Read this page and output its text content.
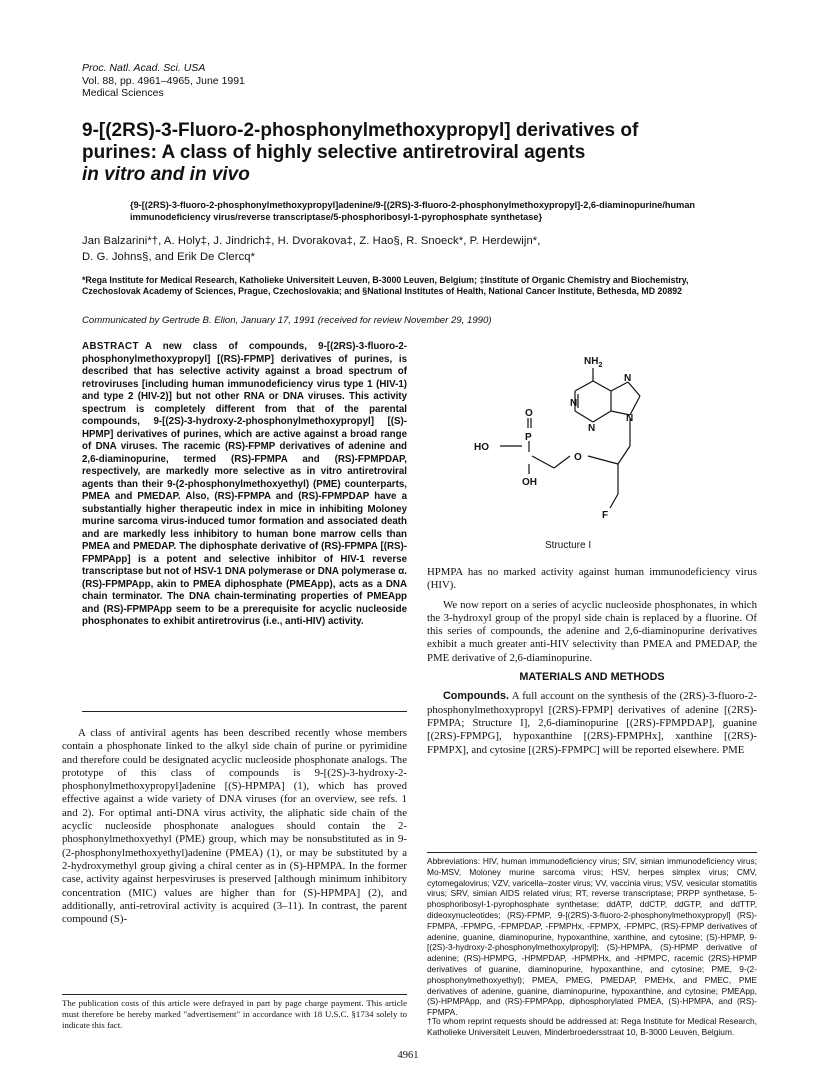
Proc. Natl. Acad. Sci. USA
Vol. 88, pp. 4961–4965, June 1991
Medical Sciences
9-[(2RS)-3-Fluoro-2-phosphonylmethoxypropyl] derivatives of
purines: A class of highly selective antiretroviral agents
in vitro and in vivo
{9-[(2RS)-3-fluoro-2-phosphonylmethoxypropyl]adenine/9-[(2RS)-3-fluoro-2-phosphonylmethoxypropyl]-2,6-diaminopurine/human immunodeficiency virus/reverse transcriptase/5-phosphoribosyl-1-pyrophosphate synthetase}
Jan Balzarini*†, A. Holy‡, J. Jindrich‡, H. Dvorakova‡, Z. Hao§, R. Snoeck*, P. Herdewijn*,
D. G. Johns§, and Erik De Clercq*
*Rega Institute for Medical Research, Katholieke Universiteit Leuven, B-3000 Leuven, Belgium; ‡Institute of Organic Chemistry and Biochemistry, Czechoslovak Academy of Sciences, Prague, Czechoslovakia; and §National Institutes of Health, National Cancer Institute, Bethesda, MD 20892
Communicated by Gertrude B. Elion, January 17, 1991 (received for review November 29, 1990)
ABSTRACT A new class of compounds, 9-[(2RS)-3-fluoro-2-phosphonylmethoxypropyl] [(RS)-FPMP] derivatives of purines, is described that has selective activity against a broad spectrum of retroviruses [including human immunodeficiency virus type 1 (HIV-1) and type 2 (HIV-2)] but not other RNA or DNA viruses. This activity spectrum is completely different from that of the parental compounds, 9-[(2S)-3-hydroxy-2-phosphonylmethoxypropyl] [(S)-HPMP] derivatives of purines, which are active against a broad range of DNA viruses. The racemic (RS)-FPMP derivatives of adenine and 2,6-diaminopurine, termed (RS)-FPMPA and (RS)-FPMPDAP, respectively, are markedly more selective as in vitro antiretroviral agents than their 9-(2-phosphonylmethoxyethyl) (PME) counterparts, PMEA and PMEDAP. Also, (RS)-FPMPA and (RS)-FPMPDAP have a substantially higher therapeutic index in mice in inhibiting Moloney murine sarcoma virus-induced tumor formation and associated death and are markedly less inhibitory to human bone marrow cells than PMEA and PMEDAP. The diphosphate derivative of (RS)-FPMPA [(RS)-FPMPApp] is a potent and selective inhibitor of HIV-1 reverse transcriptase but not of HSV-1 DNA polymerase or DNA polymerase α. (RS)-FPMPApp, akin to PMEA diphosphate (PMEApp), acts as a DNA chain terminator. The DNA chain-terminating properties of PMEApp and (RS)-FPMPApp seem to be a prerequisite for acyclic nucleoside phosphonates to exhibit antiretrovirus (i.e., anti-HIV) activity.

A class of antiviral agents has been described recently whose members contain a phosphonate linked to the alkyl side chain of purine or pyrimidine and therefore could be designated acyclic nucleoside phosphonate analogs. The prototype of this class of compounds is 9-[(2S)-3-hydroxy-2-phosphonylmethoxypropyl]adenine [(S)-HPMPA] (1), which has proved effective against a wide variety of DNA viruses (for an overview, see refs. 1 and 2). For optimal anti-DNA virus activity, the aliphatic side chain of the acyclic nucleoside phosphonate analogues should contain the 2-phosphonylmethoxyethyl (PME) group, which may be nonsubstituted as in 9-(2-phosphonylmethoxyethyl)adenine (PMEA) (1), or may be substituted by a 2-hydroxymethyl group giving a chiral center as in (S)-HPMPA. In the former case, activity against herpesviruses is preserved [although minimum inhibitory concentration (MIC) values are higher than for (S)-HPMPA] (2), and additionally, anti-retroviral activity is acquired (3–11). In contrast, the parent compound (S)-

The publication costs of this article were defrayed in part by page charge payment. This article must therefore be hereby marked "advertisement" in accordance with 18 U.S.C. §1734 solely to indicate this fact.
$NH_2$
N
N
N
N
O
P
HO
OH
O
F
Structure I

HPMPA has no marked activity against human immunodeficiency virus (HIV).

We now report on a series of acyclic nucleoside phosphonates, in which the 3-hydroxyl group of the propyl side chain is replaced by a fluorine. Of this series of compounds, the adenine and 2,6-diaminopurine derivatives exhibit a much greater anti-HIV selectivity than PMEA and PMEDAP, the PME derivative of 2,6-diaminopurine.

MATERIALS AND METHODS

Compounds. A full account on the synthesis of the (2RS)-3-fluoro-2-phosphonylmethoxypropyl [(2RS)-FPMP] derivatives of adenine [(2RS)-FPMPA; Structure I], 2,6-diaminopurine [(2RS)-FPMPDAP], guanine [(2RS)-FPMPG], hypoxanthine [(2RS)-FPMPHx], xanthine [(2RS)-FPMPX], and cytosine [(2RS)-FPMPC] will be reported elsewhere. PME

Abbreviations: HIV, human immunodeficiency virus; SIV, simian immunodeficiency virus; Mo-MSV, Moloney murine sarcoma virus; HSV, herpes simplex virus; CMV, cytomegalovirus; VZV, varicella–zoster virus; VV, vaccinia virus; VSV, vesicular stomatitis virus; SRV, simian AIDS related virus; RT, reverse transcriptase; PRPP synthetase, 5-phosphoribosyl-1-pyrophosphate synthetase; ddATP, ddCTP, ddGTP, and ddTTP, dideoxynucleotides; (RS)-FPMP, 9-[(2RS)-3-fluoro-2-phosphonylmethoxypropyl] (RS)-FPMPA, -FPMPG, -FPMPDAP, -FPMPHx, -FPMPX, -FPMPC, (RS)-FPMP derivatives of adenine, guanine, diaminopurine, hypoxanthine, xanthine, and cytosine; (S)-HPMP, 9-[(2S)-3-hydroxy-2-phosphonylmethoxylpropyl]; (S)-HPMPA, (S)-HPMP derivative of adenine; (RS)-HPMPG, -HPMPDAP, -HPMPHx, and -HPMPC, racemic (2RS)-HPMP derivatives of guanine, diaminopurine, hypoxanthine, and cytosine; PME, 9-(2-phosphonylmethoxyethyl); PMEA, PMEG, PMEDAP, PMEHx, and PMEC, PME derivatives of adenine, guanine, diaminopurine, hypoxanthine, and cytosine; PMEApp, (S)-HPMPApp, and (RS)-FPMPApp, diphosphorylated PMEA, (S)-HPMPA, and (RS)-FPMPA.
†To whom reprint requests should be addressed at: Rega Institute for Medical Research, Katholieke Universiteit Leuven, Minderbroedersstraat 10, B-3000 Leuven, Belgium.
4961
